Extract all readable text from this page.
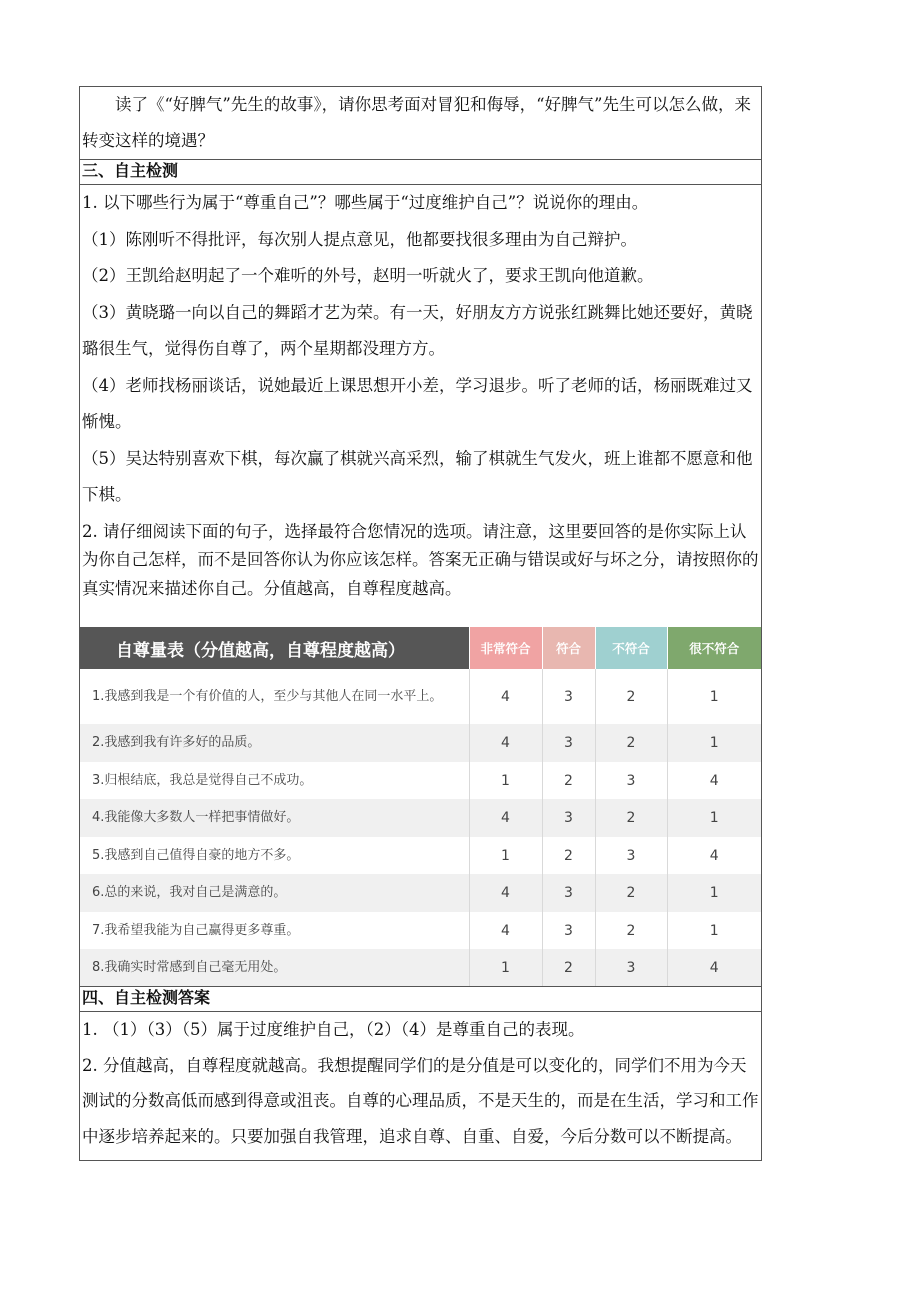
读了《“好脾气”先生的故事》，请你思考面对冒犯和侮辱，“好脾气”先生可以怎么做，来转变这样的境遇？

三、自主检测

1. 以下哪些行为属于“尊重自己”？哪些属于“过度维护自己”？说说你的理由。

（1）陈刚听不得批评，每次别人提点意见，他都要找很多理由为自己辩护。

（2）王凯给赵明起了一个难听的外号，赵明一听就火了，要求王凯向他道歉。

（3）黄晓璐一向以自己的舞蹈才艺为荣。有一天，好朋友方方说张红跳舞比她还要好，黄晓璐很生气，觉得伤自尊了，两个星期都没理方方。

（4）老师找杨丽谈话，说她最近上课思想开小差，学习退步。听了老师的话，杨丽既难过又惭愧。

（5）吴达特别喜欢下棋，每次赢了棋就兴高采烈，输了棋就生气发火，班上谁都不愿意和他下棋。

2. 请仔细阅读下面的句子，选择最符合您情况的选项。请注意，这里要回答的是你实际上认为你自己怎样，而不是回答你认为你应该怎样。答案无正确与错误或好与坏之分，请按照你的真实情况来描述你自己。分值越高，自尊程度越高。

自尊量表（分值越高，自尊程度越高）	非常符合	符合	不符合	很不符合
1.我感到我是一个有价值的人，至少与其他人在同一水平上。	4	3	2	1
2.我感到我有许多好的品质。	4	3	2	1
3.归根结底，我总是觉得自己不成功。	1	2	3	4
4.我能像大多数人一样把事情做好。	4	3	2	1
5.我感到自己值得自豪的地方不多。	1	2	3	4
6.总的来说，我对自己是满意的。	4	3	2	1
7.我希望我能为自己赢得更多尊重。	4	3	2	1
8.我确实时常感到自己毫无用处。	1	2	3	4
四、自主检测答案

1. （1）（3）（5）属于过度维护自己，（2）（4）是尊重自己的表现。

2. 分值越高，自尊程度就越高。我想提醒同学们的是分值是可以变化的，同学们不用为今天测试的分数高低而感到得意或沮丧。自尊的心理品质，不是天生的，而是在生活，学习和工作中逐步培养起来的。只要加强自我管理，追求自尊、自重、自爱，今后分数可以不断提高。
